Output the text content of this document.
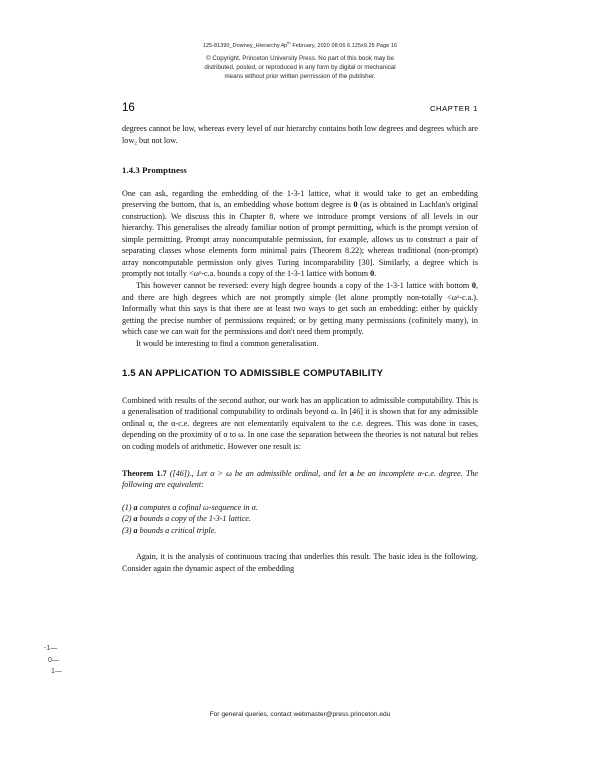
$125-81390\_Downey\_Hierarchy.4p^{th}$ February, 2020 08:06 6.125x9.25 Page 16
© Copyright, Princeton University Press. No part of this book may be
distributed, posted, or reproduced in any form by digital or mechanical
means without prior written permission of the publisher.
16	CHAPTER 1

degrees cannot be low, whereas every level of our hierarchy contains both low degrees and degrees which are low₂ but not low.

1.4.3 Promptness

One can ask, regarding the embedding of the 1-3-1 lattice, what it would take to get an embedding preserving the bottom, that is, an embedding whose bottom degree is 0 (as is obtained in Lachlan's original construction). We discuss this in Chapter 8, where we introduce prompt versions of all levels in our hierarchy. This generalises the already familiar notion of prompt permitting, which is the prompt version of simple permitting. Prompt array noncomputable permission, for example, allows us to construct a pair of separating classes whose elements form minimal pairs (Theorem 8.22); whereas traditional (non-prompt) array noncomputable permission only gives Turing incomparability [30]. Similarly, a degree which is promptly not totally <ωᵒ-c.a. bounds a copy of the 1-3-1 lattice with bottom 0.

This however cannot be reversed: every high degree bounds a copy of the 1-3-1 lattice with bottom 0, and there are high degrees which are not promptly simple (let alone promptly non-totally <ωᵒ-c.a.). Informally what this says is that there are at least two ways to get such an embedding: either by quickly getting the precise number of permissions required; or by getting many permissions (cofinitely many), in which case we can wait for the permissions and don't need them promptly.

It would be interesting to find a common generalisation.

1.5 AN APPLICATION TO ADMISSIBLE COMPUTABILITY

Combined with results of the second author, our work has an application to admissible computability. This is a generalisation of traditional computability to ordinals beyond ω. In [46] it is shown that for any admissible ordinal α, the α-c.e. degrees are not elementarily equivalent to the c.e. degrees. This was done in cases, depending on the proximity of α to ω. In one case the separation between the theories is not natural but relies on coding models of arithmetic. However one result is:

Theorem 1.7 ([46])., Let α > ω be an admissible ordinal, and let a be an incomplete α-c.e. degree. The following are equivalent:
(1) a computes a cofinal ω-sequence in α.
(2) a bounds a copy of the 1-3-1 lattice.
(3) a bounds a critical triple.

Again, it is the analysis of continuous tracing that underlies this result. The basic idea is the following. Consider again the dynamic aspect of the embedding

-1—
0—
1—
For general queries, contact webmaster@press.princeton.edu
